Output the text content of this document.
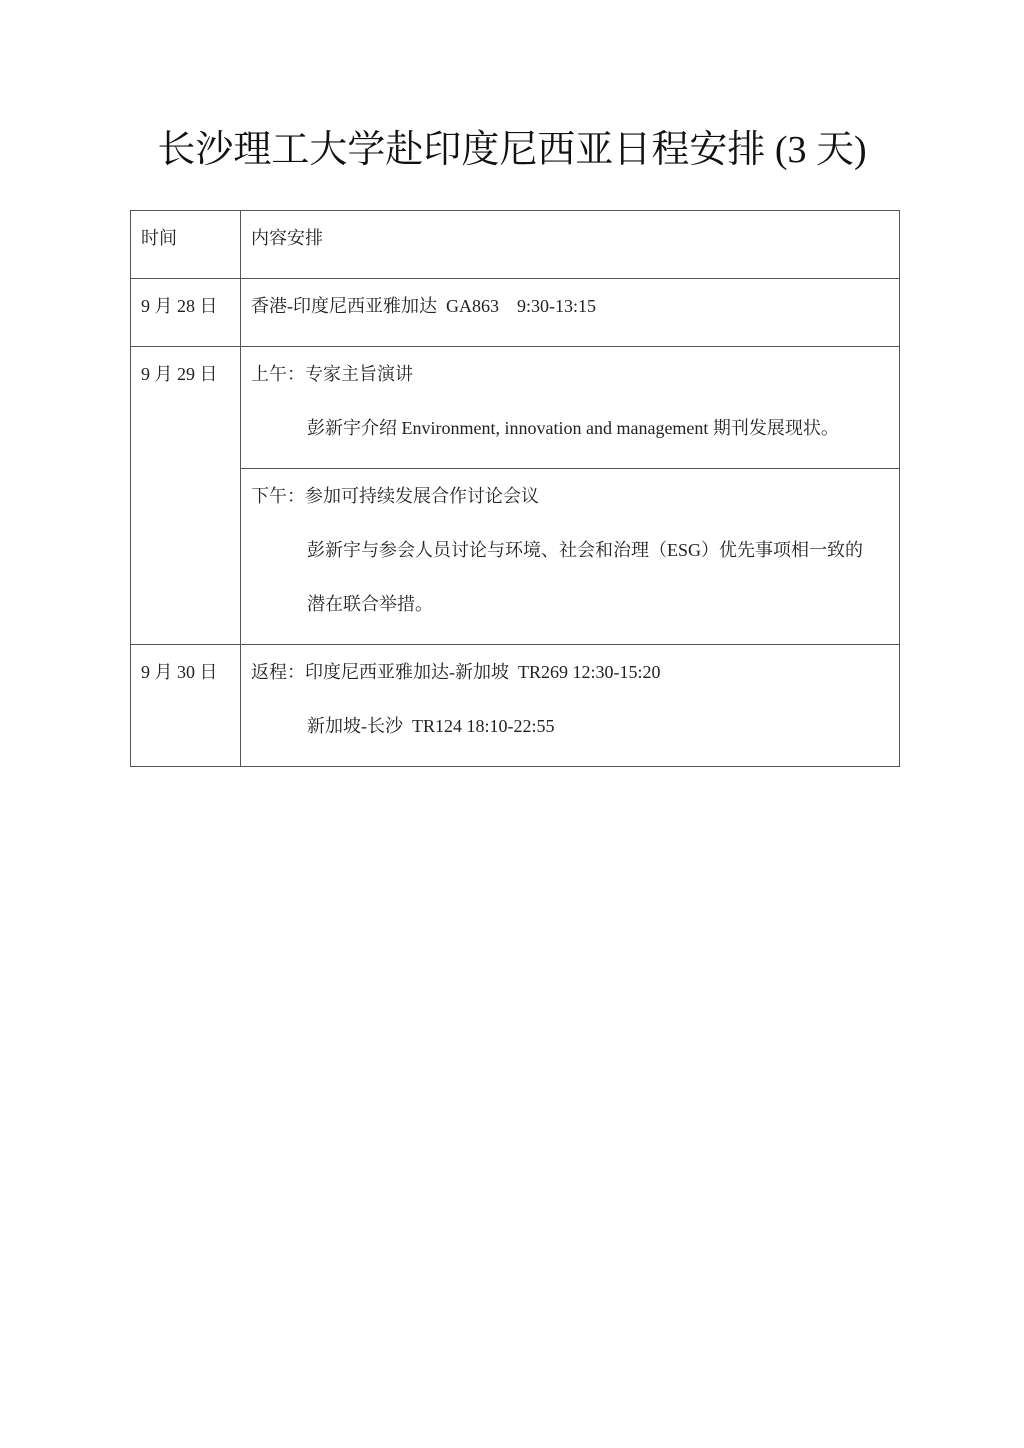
长沙理工大学赴印度尼西亚日程安排 (3 天)
时间	内容安排

9 月 28 日	香港-印度尼西亚雅加达  GA863    9:30-13:15

9 月 29 日	上午：专家主旨演讲
彭新宇介绍 Environment, innovation and management 期刊发展现状。

	下午：参加可持续发展合作讨论会议
彭新宇与参会人员讨论与环境、社会和治理（ESG）优先事项相一致的
潜在联合举措。

9 月 30 日	返程：印度尼西亚雅加达-新加坡  TR269 12:30-15:20
新加坡-长沙  TR124 18:10-22:55
